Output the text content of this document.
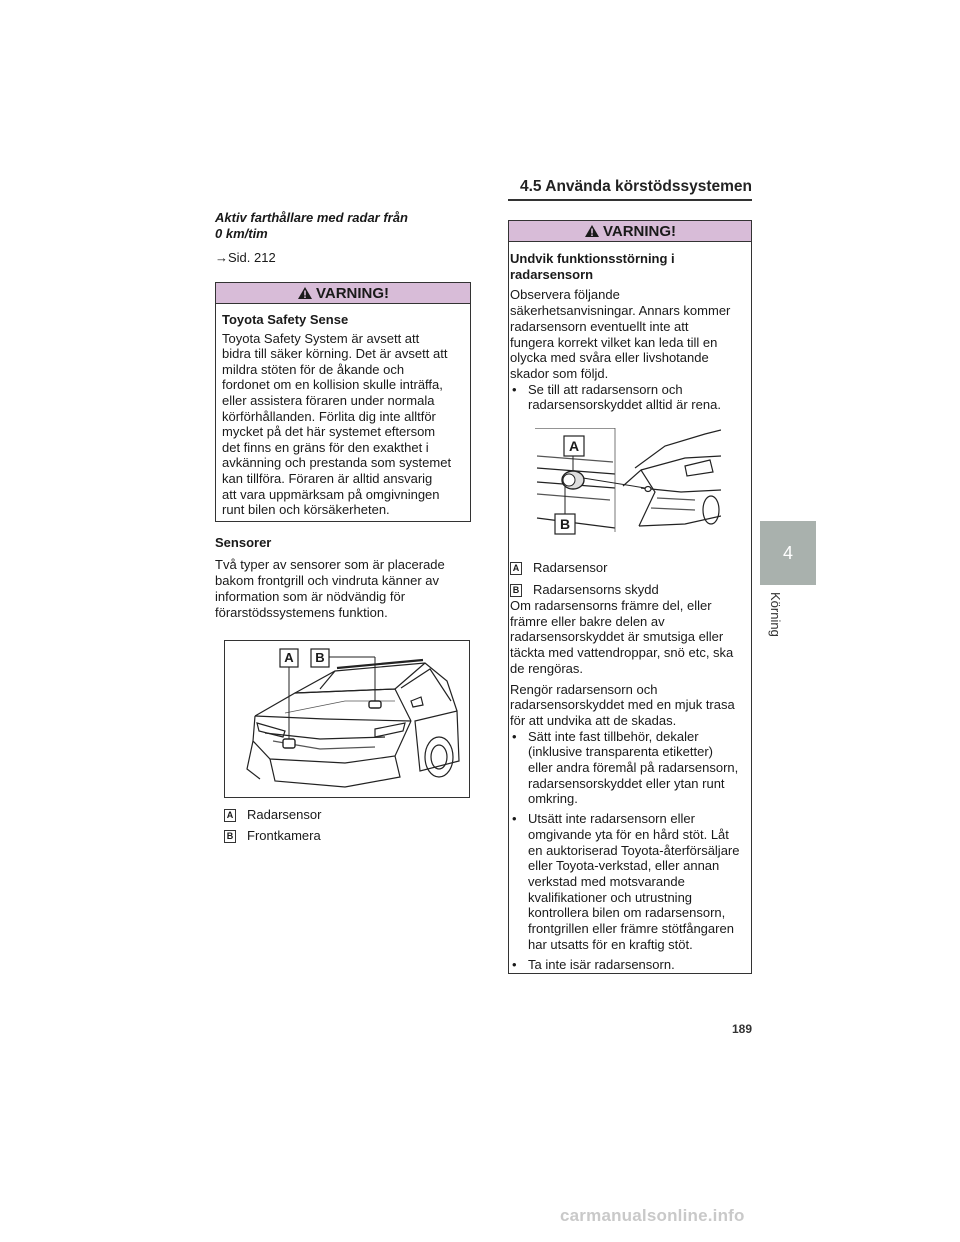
4.5 Använda körstödssystemen
Aktiv farthållare med radar från
0 km/tim
→Sid. 212
VARNING!

Toyota Safety Sense

Toyota Safety System är avsett att
bidra till säker körning. Det är avsett att
mildra stöten för de åkande och
fordonet om en kollision skulle inträffa,
eller assistera föraren under normala
körförhållanden. Förlita dig inte alltför
mycket på det här systemet eftersom
det finns en gräns för den exakthet i
avkänning och prestanda som systemet
kan tillföra. Föraren är alltid ansvarig
att vara uppmärksam på omgivningen
runt bilen och körsäkerheten.
Sensorer
Två typer av sensorer som är placerade
bakom frontgrill och vindruta känner av
information som är nödvändig för
förarstödssystemens funktion.
A	B
A Radarsensor
B Frontkamera
VARNING!

Undvik funktionsstörning i

radarsensorn

Observera följande
säkerhetsanvisningar. Annars kommer
radarsensorn eventuellt inte att
fungera korrekt vilket kan leda till en
olycka med svåra eller livshotande
skador som följd.
• Se till att radarsensorn och
radarsensorskyddet alltid är rena.
A
B
A Radarsensor
B Radarsensorns skydd
Om radarsensorns främre del, eller
främre eller bakre delen av
radarsensorskyddet är smutsiga eller
täckta med vattendroppar, snö etc, ska
de rengöras.
Rengör radarsensorn och
radarsensorskyddet med en mjuk trasa
för att undvika att de skadas.
• Sätt inte fast tillbehör, dekaler
(inklusive transparenta etiketter)
eller andra föremål på radarsensorn,
radarsensorskyddet eller ytan runt
omkring.
• Utsätt inte radarsensorn eller
omgivande yta för en hård stöt. Låt
en auktoriserad Toyota-återförsäljare
eller Toyota-verkstad, eller annan
verkstad med motsvarande
kvalifikationer och utrustning
kontrollera bilen om radarsensorn,
frontgrillen eller främre stötfångaren
har utsatts för en kraftig stöt.
• Ta inte isär radarsensorn.
4
Körning
189
carmanualsonline.info
